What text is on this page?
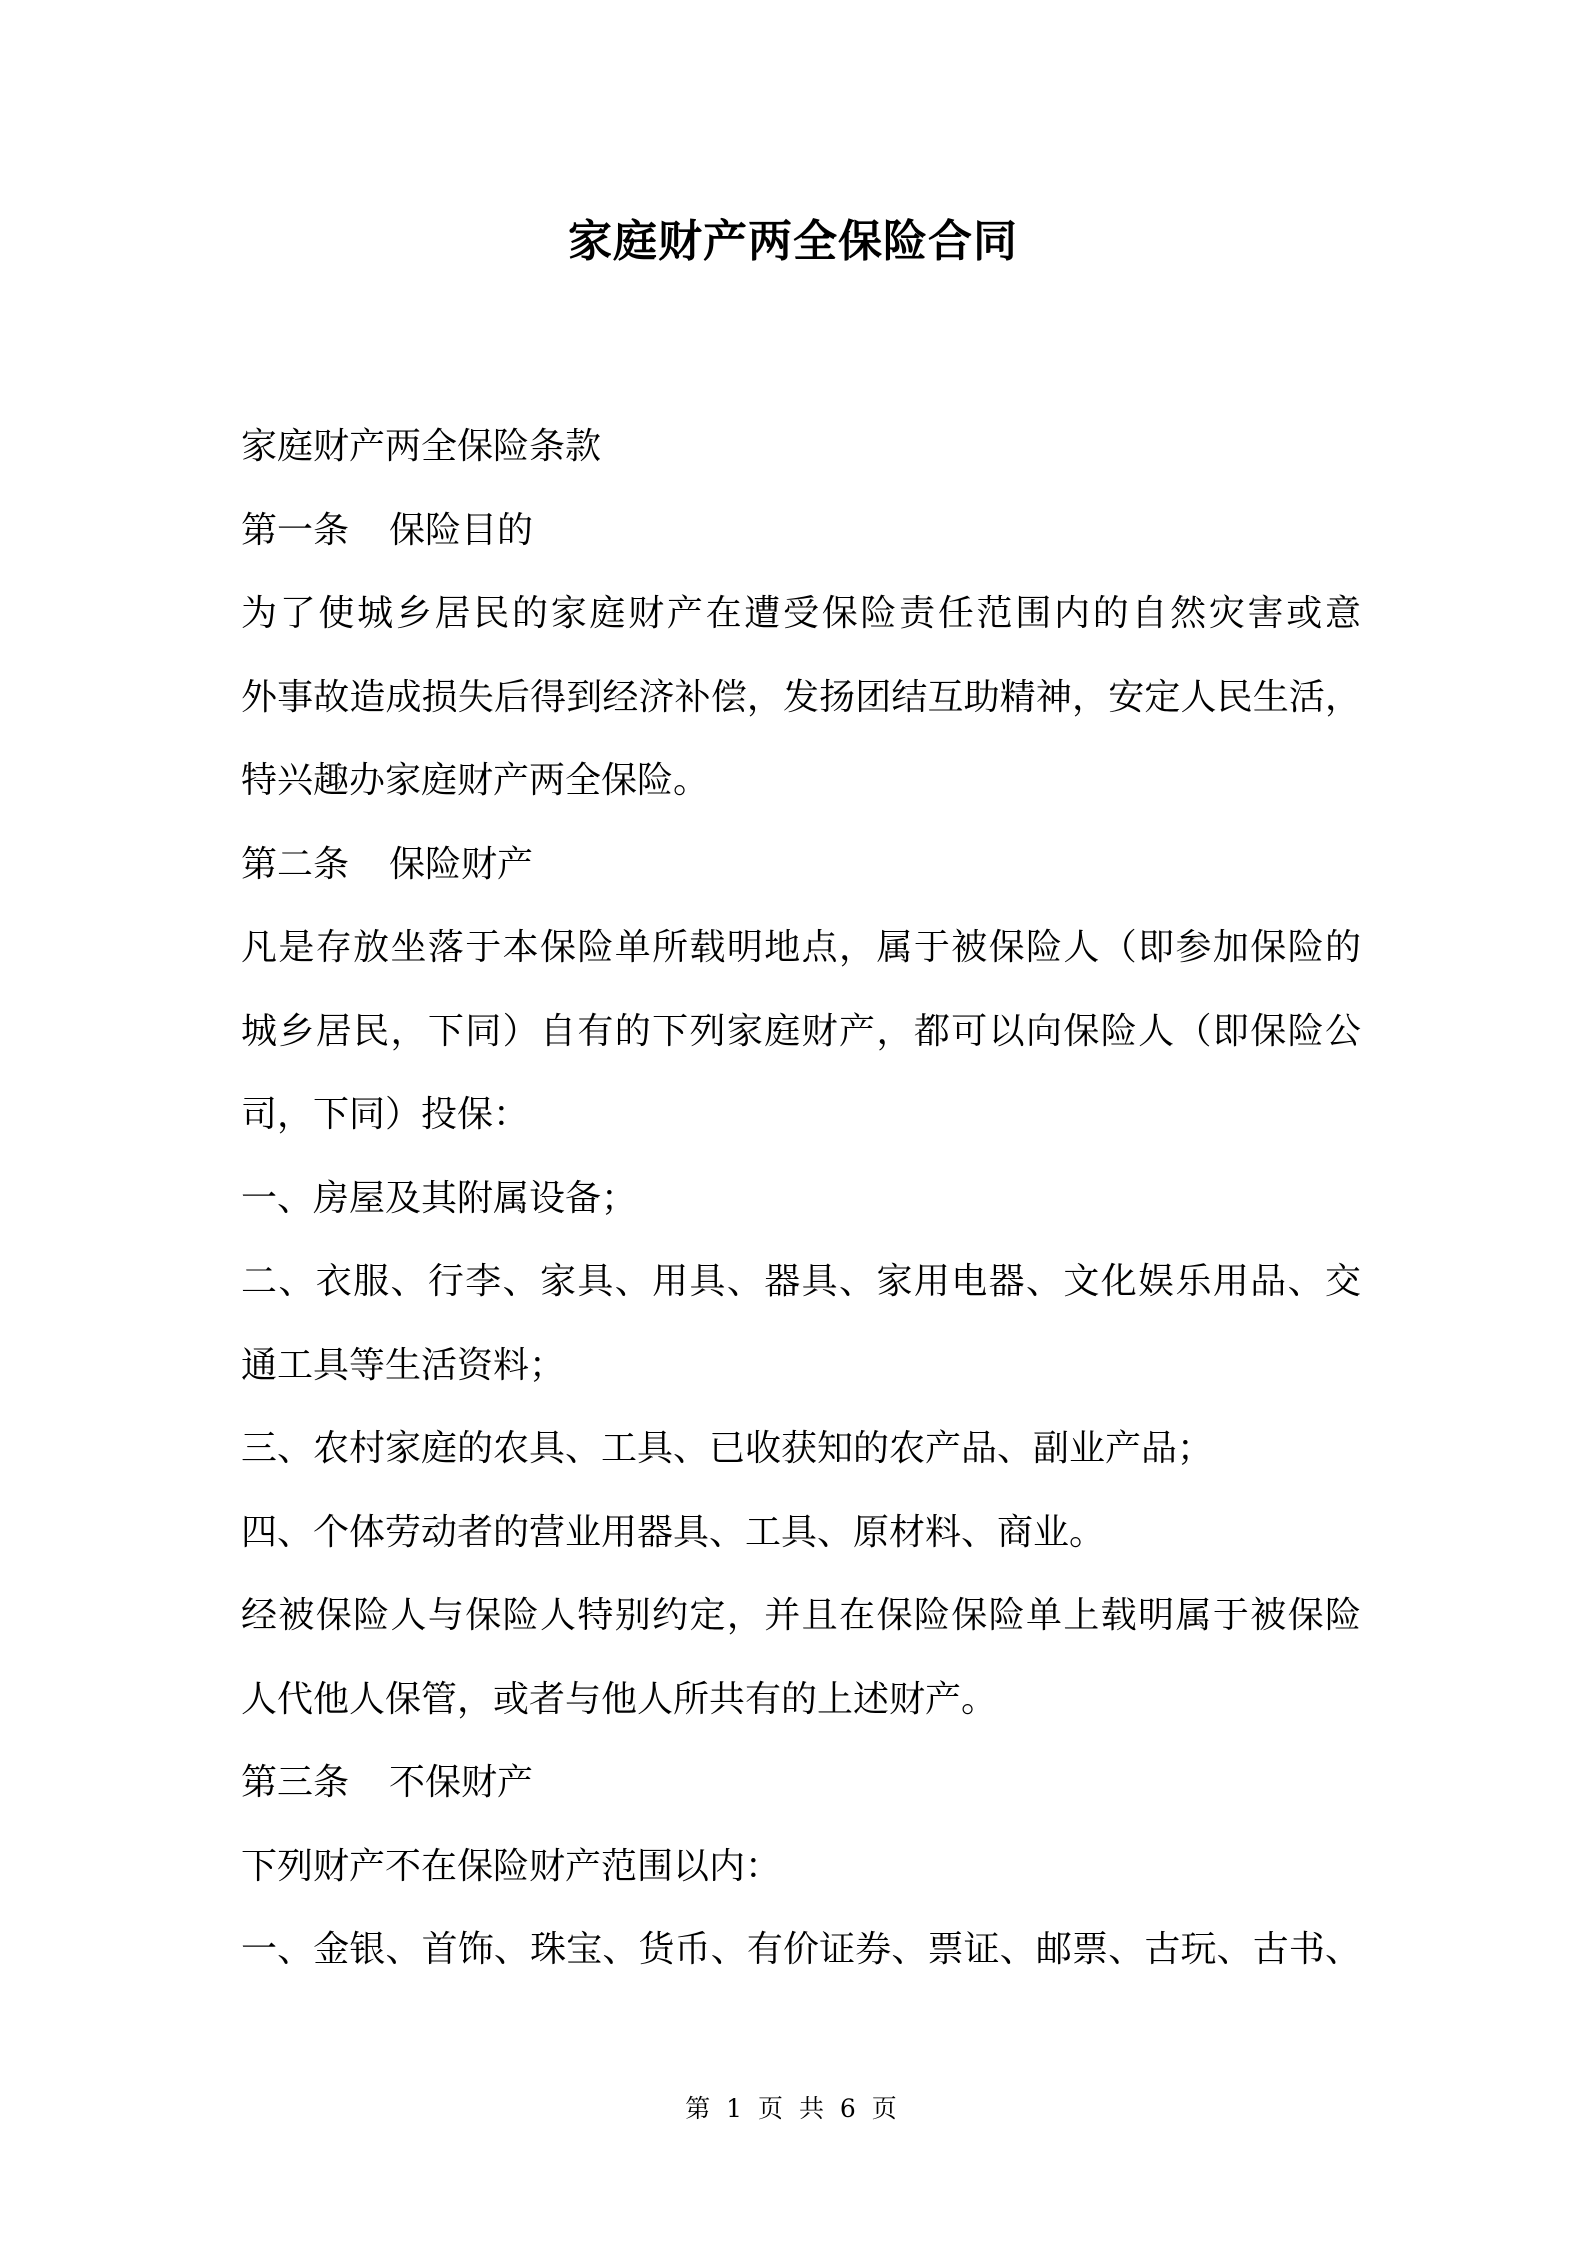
家庭财产两全保险合同

家庭财产两全保险条款

第一条 保险目的

为了使城乡居民的家庭财产在遭受保险责任范围内的自然灾害或意

外事故造成损失后得到经济补偿，发扬团结互助精神，安定人民生活，

特兴趣办家庭财产两全保险。

第二条 保险财产

凡是存放坐落于本保险单所载明地点，属于被保险人（即参加保险的

城乡居民，下同）自有的下列家庭财产，都可以向保险人（即保险公

司，下同）投保：

一、房屋及其附属设备；

二、衣服、行李、家具、用具、器具、家用电器、文化娱乐用品、交

通工具等生活资料；

三、农村家庭的农具、工具、已收获知的农产品、副业产品；

四、个体劳动者的营业用器具、工具、原材料、商业。

经被保险人与保险人特别约定，并且在保险保险单上载明属于被保险

人代他人保管，或者与他人所共有的上述财产。

第三条 不保财产

下列财产不在保险财产范围以内：

一、金银、首饰、珠宝、货币、有价证券、票证、邮票、古玩、古书、

第 1 页 共 6 页
